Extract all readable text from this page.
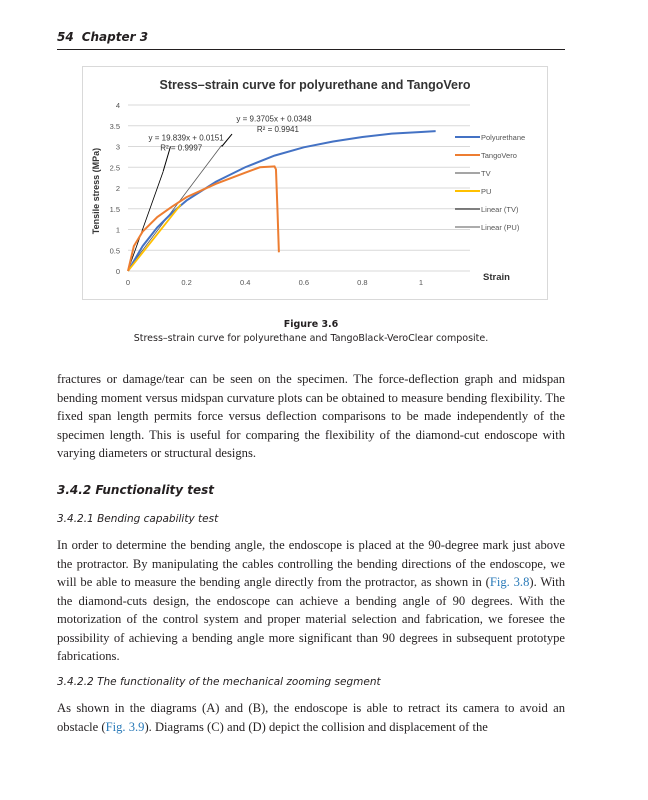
54 Chapter 3
Stress–strain curve for polyurethane and TangoVero
0
0.5
1
1.5
2
2.5
3
3.5
4
0	0.2	0.4	0.6	0.8	1
Tensile stress (MPa)
Strain
y = 19.839x + 0.0151
R² = 0.9997
y = 9.3705x + 0.0348
R² = 0.9941
Polyurethane
TangoVero
TV
PU
Linear (TV)
Linear (PU)
Figure 3.6
Stress–strain curve for polyurethane and TangoBlack-VeroClear composite.
fractures or damage/tear can be seen on the specimen. The force-deflection graph and midspan bending moment versus midspan curvature plots can be obtained to measure bending flexibility. The fixed span length permits force versus deflection comparisons to be made independently of the specimen length. This is useful for comparing the flexibility of the diamond-cut endoscope with varying diameters or structural designs.
3.4.2 Functionality test
3.4.2.1 Bending capability test
In order to determine the bending angle, the endoscope is placed at the 90-degree mark just above the protractor. By manipulating the cables controlling the bending directions of the endoscope, we will be able to measure the bending angle directly from the protractor, as shown in (Fig. 3.8). With the diamond-cuts design, the endoscope can achieve a bending angle of 90 degrees. With the motorization of the control system and proper material selection and fabrication, we foresee the possibility of achieving a bending angle more significant than 90 degrees in subsequent prototype fabrications.
3.4.2.2 The functionality of the mechanical zooming segment
As shown in the diagrams (A) and (B), the endoscope is able to retract its camera to avoid an obstacle (Fig. 3.9). Diagrams (C) and (D) depict the collision and displacement of the
